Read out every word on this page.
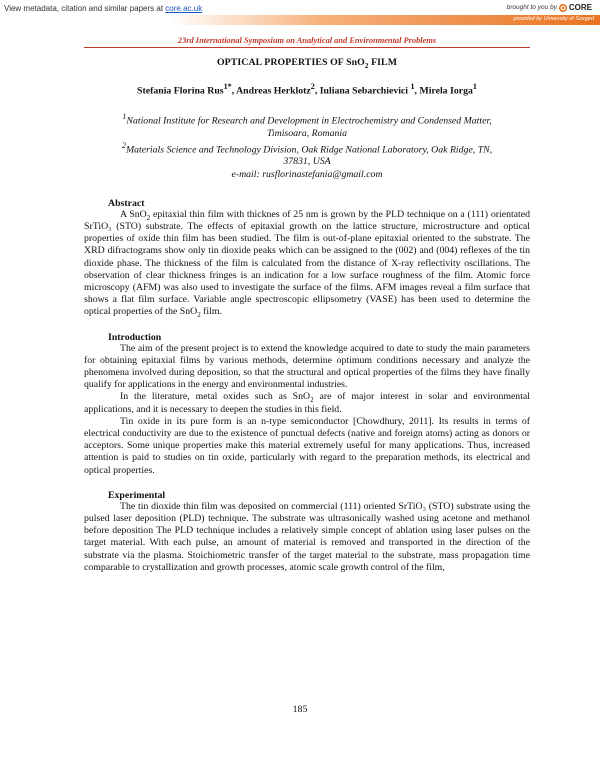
View metadata, citation and similar papers at core.ac.uk	brought to you by CORE
provided by University of Szeged

23rd International Symposium on Analytical and Environmental Problems

OPTICAL PROPERTIES OF SnO$_2$ FILM

Stefania Florina Rus$^{1*}$, Andreas Herklotz$^2$, Iuliana Sebarchievici $^1$, Mirela Iorga$^1$

$^1$National Institute for Research and Development in Electrochemistry and Condensed Matter,

Timisoara, Romania

$^2$Materials Science and Technology Division, Oak Ridge National Laboratory, Oak Ridge, TN,

37831, USA

e-mail: rusflorinastefania@gmail.com

Abstract

A SnO$_2$ epitaxial thin film with thicknes of 25 nm is grown by the PLD technique on a (111) orientated SrTiO₃ (STO) substrate. The effects of epitaxial growth on the lattice structure, microstructure and optical properties of oxide thin film has been studied. The film is out-of-plane epitaxial oriented to the substrate. The XRD difractograms show only tin dioxide peaks which can be assigned to the (002) and (004) reflexes of the tin dioxide phase. The thickness of the film is calculated from the distance of X-ray reflectivity oscillations. The observation of clear thickness fringes is an indication for a low surface roughness of the film. Atomic force microscopy (AFM) was also used to investigate the surface of the films. AFM images reveal a film surface that shows a flat film surface. Variable angle spectroscopic ellipsometry (VASE) has been used to determine the optical properties of the SnO$_2$ film.

Introduction

The aim of the present project is to extend the knowledge acquired to date to study the main parameters for obtaining epitaxial films by various methods, determine optimum conditions necessary and analyze the phenomena involved during deposition, so that the structural and optical properties of the films they have finally qualify for applications in the energy and environmental industries.

In the literature, metal oxides such as SnO$_2$ are of major interest in solar and environmental applications, and it is necessary to deepen the studies in this field.

Tin oxide in its pure form is an n-type semiconductor [Chowdhury, 2011]. Its results in terms of electrical conductivity are due to the existence of punctual defects (native and foreign atoms) acting as donors or acceptors. Some unique properties make this material extremely useful for many applications. Thus, increased attention is paid to studies on tin oxide, particularly with regard to the preparation methods, its electrical and optical properties.

Experimental

The tin dioxide thin film was deposited on commercial (111) oriented SrTiO₃ (STO) substrate using the pulsed laser deposition (PLD) technique. The substrate was ultrasonically washed using acetone and methanol before deposition The PLD technique includes a relatively simple concept of ablation using laser pulses on the target material. With each pulse, an amount of material is removed and transported in the direction of the substrate via the plasma. Stoichiometric transfer of the target material to the substrate, mass propagation time comparable to crystallization and growth processes, atomic scale growth control of the film,

185
